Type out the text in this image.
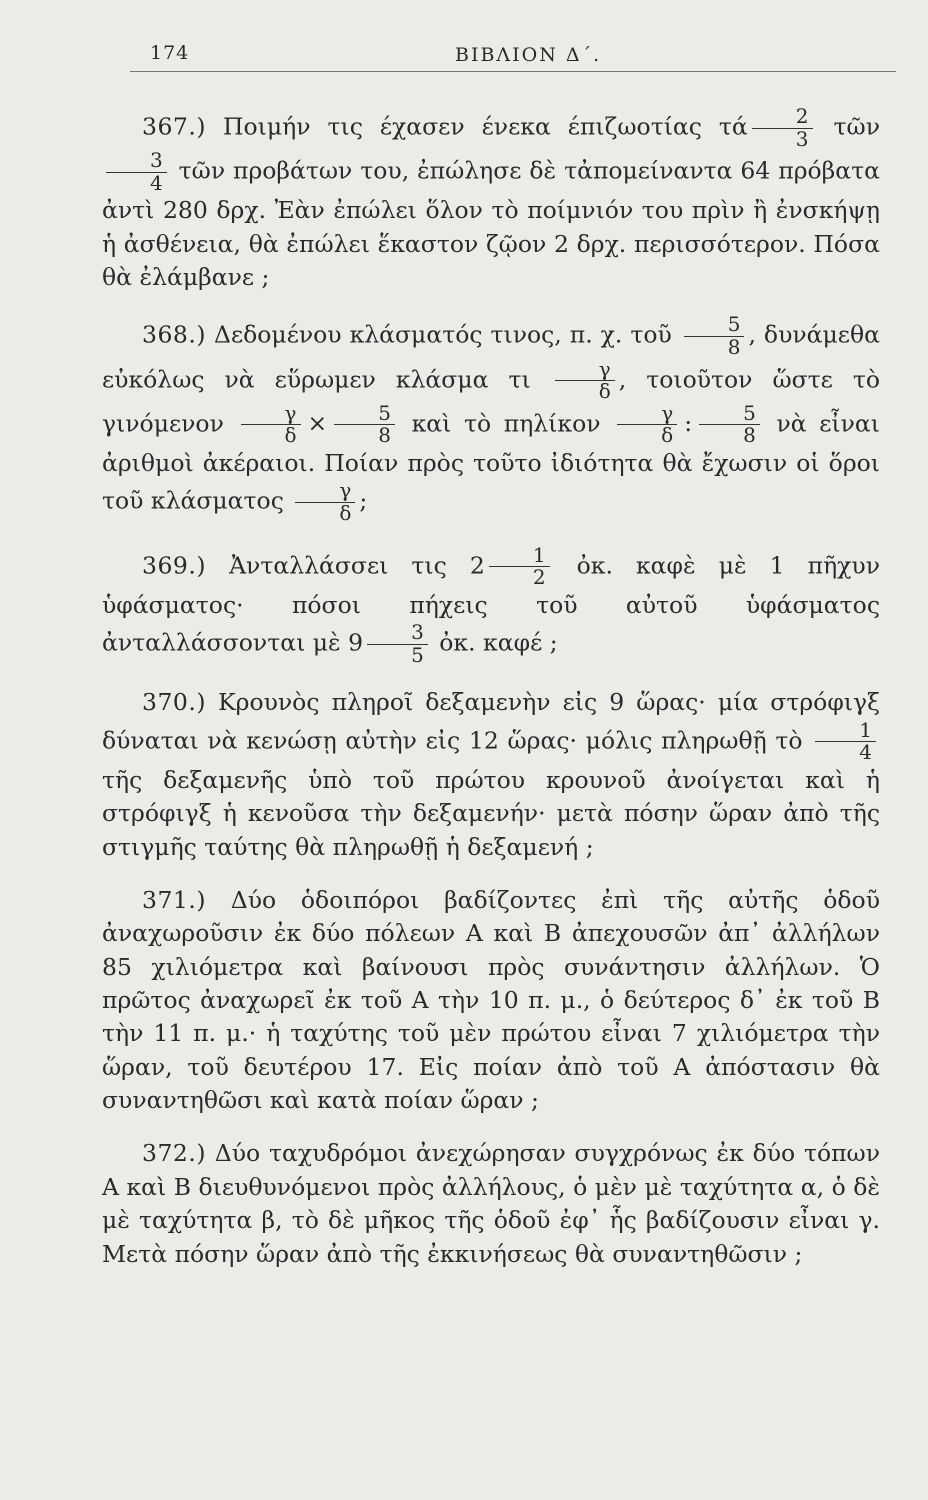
174	ΒΙΒΛΙΟΝ Δ΄.

367.) Ποιμήν τις έχασεν ένεκα έπιζωοτίας τά $\frac{2}{3}$ τῶν
$\frac{3}{4}$ τῶν προβάτων του, ἐπώλησε δὲ τἀπομείναντα 64 πρόβατα ἀντὶ 280 δρχ. Ἐὰν ἐπώλει ὅλον τὸ ποίμνιόν του πρὶν ἢ ἐνσκήψῃ ἡ ἀσθένεια, θὰ ἐπώλει ἕκαστον ζῷον 2 δρχ. περισσότερον. Πόσα θὰ ἐλάμβανε ;

368.) Δεδομένου κλάσματός τινος, π. χ. τοῦ $\frac{5}{8}$ , δυνάμεθα εὐκόλως νὰ εὕρωμεν κλάσμα τι $\frac{\gamma}{\delta}$ , τοιοῦτον ὥστε τὸ γινόμενον $\frac{\gamma}{\delta} \times \frac{5}{8}$ καὶ τὸ πηλίκον $\frac{\gamma}{\delta}$ : $\frac{5}{8}$ νὰ εἶναι ἀριθμοὶ ἀκέραιοι. Ποίαν πρὸς τοῦτο ἰδιότητα θὰ ἔχωσιν οἱ ὅροι τοῦ κλάσματος $\frac{\gamma}{\delta}$ ;

369.) Ἀνταλλάσσει τις $2 \frac{1}{2}$ ὀκ. καφὲ μὲ 1 πῆχυν ὑφάσματος· πόσοι πήχεις τοῦ αὐτοῦ ὑφάσματος ἀνταλλάσσονται μὲ $9 \frac{3}{5}$ ὀκ. καφέ ;

370.) Κρουνὸς πληροῖ δεξαμενὴν εἰς 9 ὥρας· μία στρόφιγξ δύναται νὰ κενώσῃ αὐτὴν εἰς 12 ὥρας· μόλις πληρωθῇ τὸ $\frac{1}{4}$
τῆς δεξαμενῆς ὑπὸ τοῦ πρώτου κρουνοῦ ἀνοίγεται καὶ ἡ στρόφιγξ ἡ κενοῦσα τὴν δεξαμενήν· μετὰ πόσην ὥραν ἀπὸ τῆς στιγμῆς ταύτης θὰ πληρωθῇ ἡ δεξαμενή ;

371.) Δύο ὁδοιπόροι βαδίζοντες ἐπὶ τῆς αὐτῆς ὁδοῦ ἀναχωροῦσιν ἐκ δύο πόλεων Α καὶ Β ἀπεχουσῶν ἀπ᾿ ἀλλήλων 85 χιλιόμετρα καὶ βαίνουσι πρὸς συνάντησιν ἀλλήλων. Ὁ πρῶτος ἀναχωρεῖ ἐκ τοῦ Α τὴν 10 π. μ., ὁ δεύτερος δ᾿ ἐκ τοῦ Β τὴν 11 π. μ.· ἡ ταχύτης τοῦ μὲν πρώτου εἶναι 7 χιλιόμετρα τὴν ὥραν, τοῦ δευτέρου 17. Εἰς ποίαν ἀπὸ τοῦ Α ἀπόστασιν θὰ συναντηθῶσι καὶ κατὰ ποίαν ὥραν ;

372.) Δύο ταχυδρόμοι ἀνεχώρησαν συγχρόνως ἐκ δύο τόπων Α καὶ Β διευθυνόμενοι πρὸς ἀλλήλους, ὁ μὲν μὲ ταχύτητα α, ὁ δὲ μὲ ταχύτητα β, τὸ δὲ μῆκος τῆς ὁδοῦ ἐφ᾿ ἧς βαδίζουσιν εἶναι γ. Μετὰ πόσην ὥραν ἀπὸ τῆς ἐκκινήσεως θὰ συναντηθῶσιν ;
